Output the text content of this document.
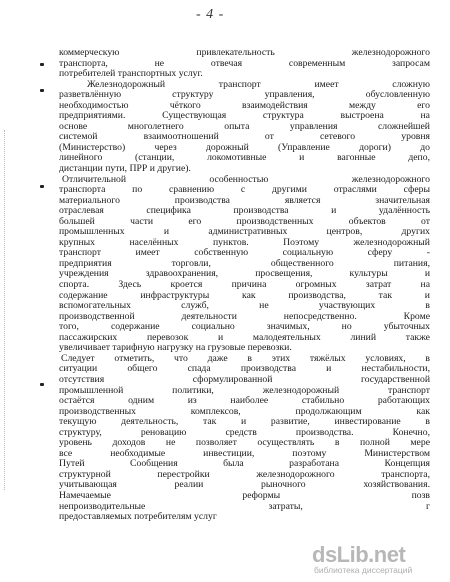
- 4 -

коммерческую привлекательность железнодорожного

транспорта, не отвечая современным запросам

потребителей транспортных услуг.

Железнодорожный транспорт имеет сложную

разветвлённую структуру управления, обусловленную

необходимостью чёткого взаимодействия между его

предприятиями. Существующая структура выстроена на

основе многолетнего опыта управления сложнейшей

системой взаимоотношений от сетевого уровня

(Министерство) через дорожный (Управление дороги) до

линейного (станции, локомотивные и вагонные депо,

дистанции пути, ПРР и другие).

Отличительной особенностью железнодорожного

транспорта по сравнению с другими отраслями сферы

материального производства является значительная

отраслевая специфика производства и удалённость

большей части его производственных объектов от

промышленных и административных центров, других

крупных населённых пунктов. Поэтому железнодорожный

транспорт имеет собственную социальную сферу -

предприятия торговли, общественного питания,

учреждения здравоохранения, просвещения, культуры и

спорта. Здесь кроется причина огромных затрат на

содержание инфраструктуры как производства, так и

вспомогательных служб, не участвующих в

производственной деятельности непосредственно. Кроме

того, содержание социально значимых, но убыточных

пассажирских перевозок и малодеятельных линий также

увеличивает тарифную нагрузку на грузовые перевозки.

Следует отметить, что даже в этих тяжёлых условиях, в

ситуации общего спада производства и нестабильности,

отсутствия сформулированной государственной

промышленной политики, железнодорожный транспорт

остаётся одним из наиболее стабильно работающих

производственных комплексов, продолжающим как

текущую деятельность, так и развитие, инвестирование в

структуру, реновацию средств производства. Конечно,

уровень доходов не позволяет осуществлять в полной мере

все необходимые инвестиции, поэтому Министерством

Путей Сообщения была разработана Концепция

структурной перестройки железнодорожного транспорта,

учитывающая реалии рыночного хозяйствования.

Намечаемые реформы позв

непроизводительные затраты, г

предоставляемых потребителям услуг

dsLib.net
библиотека диссертаций
